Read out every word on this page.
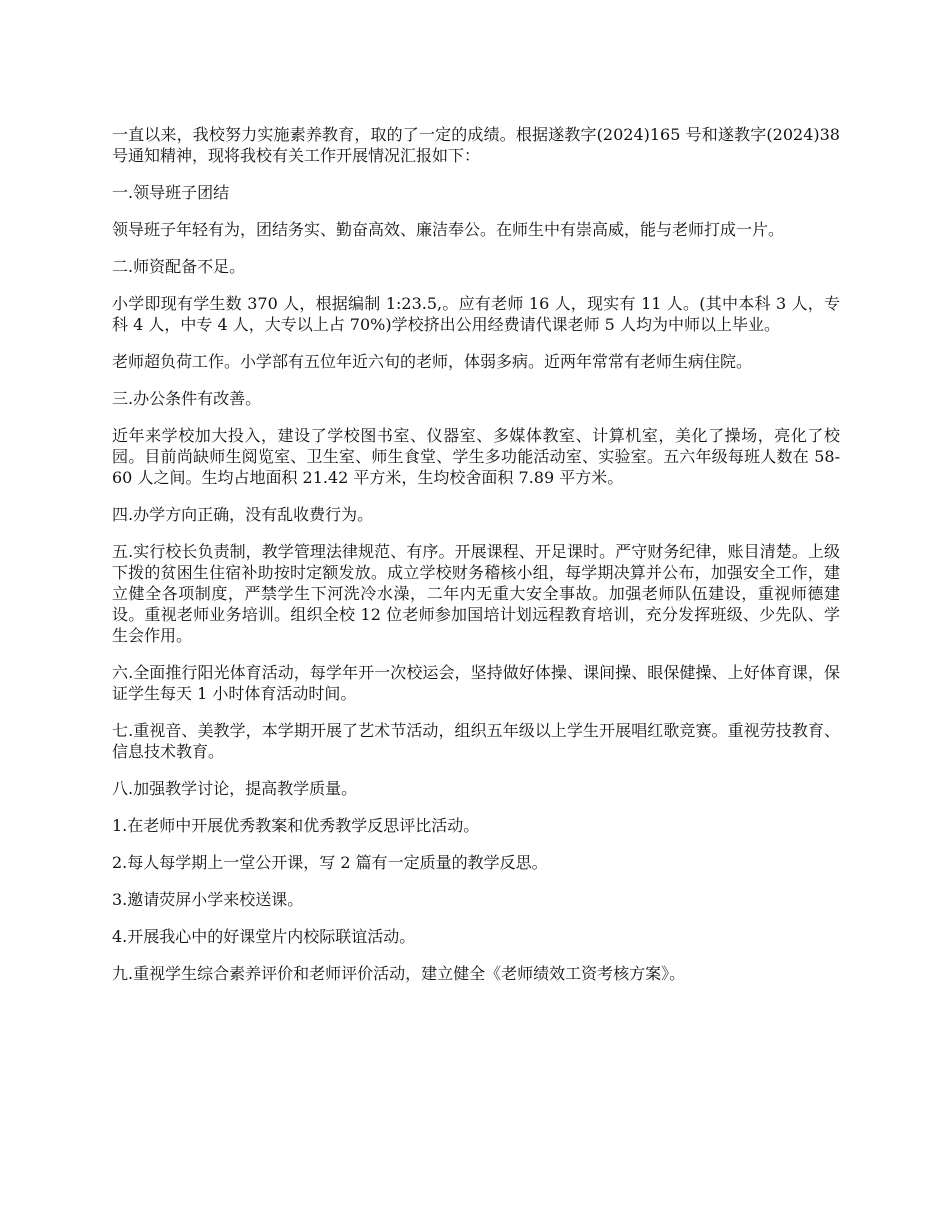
一直以来，我校努力实施素养教育，取的了一定的成绩。根据遂教字(2024)165 号和遂教字(2024)38 号通知精神，现将我校有关工作开展情况汇报如下：

一.领导班子团结

领导班子年轻有为，团结务实、勤奋高效、廉洁奉公。在师生中有崇高威，能与老师打成一片。

二.师资配备不足。

小学即现有学生数 370 人，根据编制 1:23.5,。应有老师 16 人，现实有 11 人。(其中本科 3 人，专科 4 人，中专 4 人，大专以上占 70%)学校挤出公用经费请代课老师 5 人均为中师以上毕业。

老师超负荷工作。小学部有五位年近六旬的老师，体弱多病。近两年常常有老师生病住院。

三.办公条件有改善。

近年来学校加大投入，建设了学校图书室、仪器室、多媒体教室、计算机室，美化了操场，亮化了校园。目前尚缺师生阅览室、卫生室、师生食堂、学生多功能活动室、实验室。五六年级每班人数在 58-60 人之间。生均占地面积 21.42 平方米，生均校舍面积 7.89 平方米。

四.办学方向正确，没有乱收费行为。

五.实行校长负责制，教学管理法律规范、有序。开展课程、开足课时。严守财务纪律，账目清楚。上级下拨的贫困生住宿补助按时定额发放。成立学校财务稽核小组，每学期决算并公布，加强安全工作，建立健全各项制度，严禁学生下河洗冷水澡，二年内无重大安全事故。加强老师队伍建设，重视师德建设。重视老师业务培训。组织全校 12 位老师参加国培计划远程教育培训，充分发挥班级、少先队、学生会作用。

六.全面推行阳光体育活动，每学年开一次校运会，坚持做好体操、课间操、眼保健操、上好体育课，保证学生每天 1 小时体育活动时间。

七.重视音、美教学，本学期开展了艺术节活动，组织五年级以上学生开展唱红歌竞赛。重视劳技教育、信息技术教育。

八.加强教学讨论，提高教学质量。

1.在老师中开展优秀教案和优秀教学反思评比活动。

2.每人每学期上一堂公开课，写 2 篇有一定质量的教学反思。

3.邀请荧屏小学来校送课。

4.开展我心中的好课堂片内校际联谊活动。

九.重视学生综合素养评价和老师评价活动，建立健全《老师绩效工资考核方案》。
